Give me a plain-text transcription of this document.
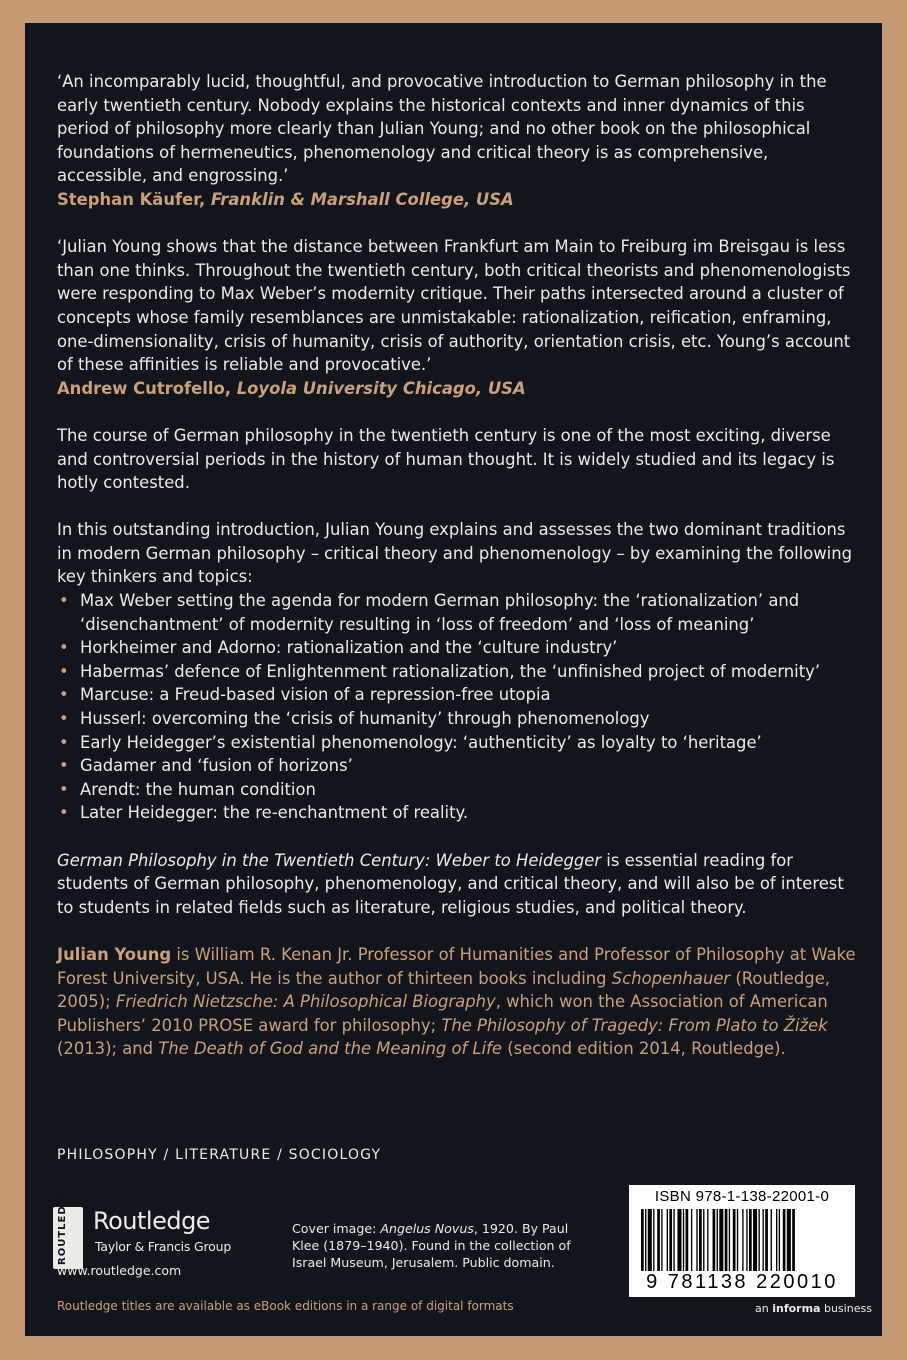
‘An incomparably lucid, thoughtful, and provocative introduction to German philosophy in the early twentieth century. Nobody explains the historical contexts and inner dynamics of this period of philosophy more clearly than Julian Young; and no other book on the philosophical foundations of hermeneutics, phenomenology and critical theory is as comprehensive, accessible, and engrossing.’
Stephan Käufer, Franklin & Marshall College, USA

‘Julian Young shows that the distance between Frankfurt am Main to Freiburg im Breisgau is less than one thinks. Throughout the twentieth century, both critical theorists and phenomenologists were responding to Max Weber’s modernity critique. Their paths intersected around a cluster of concepts whose family resemblances are unmistakable: rationalization, reification, enframing, one-dimensionality, crisis of humanity, crisis of authority, orientation crisis, etc. Young’s account of these affinities is reliable and provocative.’
Andrew Cutrofello, Loyola University Chicago, USA

The course of German philosophy in the twentieth century is one of the most exciting, diverse and controversial periods in the history of human thought. It is widely studied and its legacy is hotly contested.

In this outstanding introduction, Julian Young explains and assesses the two dominant traditions in modern German philosophy – critical theory and phenomenology – by examining the following key thinkers and topics:

• Max Weber setting the agenda for modern German philosophy: the ‘rationalization’ and ‘disenchantment’ of modernity resulting in ‘loss of freedom’ and ‘loss of meaning’
• Horkheimer and Adorno: rationalization and the ‘culture industry’
• Habermas’ defence of Enlightenment rationalization, the ‘unfinished project of modernity’
• Marcuse: a Freud-based vision of a repression-free utopia
• Husserl: overcoming the ‘crisis of humanity’ through phenomenology
• Early Heidegger’s existential phenomenology: ‘authenticity’ as loyalty to ‘heritage’
• Gadamer and ‘fusion of horizons’
• Arendt: the human condition
• Later Heidegger: the re-enchantment of reality.

German Philosophy in the Twentieth Century: Weber to Heidegger is essential reading for students of German philosophy, phenomenology, and critical theory, and will also be of interest to students in related fields such as literature, religious studies, and political theory.

Julian Young is William R. Kenan Jr. Professor of Humanities and Professor of Philosophy at Wake Forest University, USA. He is the author of thirteen books including Schopenhauer (Routledge, 2005); Friedrich Nietzsche: A Philosophical Biography, which won the Association of American Publishers’ 2010 PROSE award for philosophy; The Philosophy of Tragedy: From Plato to Žižek (2013); and The Death of God and the Meaning of Life (second edition 2014, Routledge).

PHILOSOPHY / LITERATURE / SOCIOLOGY
ROUTLEDGE	Routledge
Taylor & Francis Group
www.routledge.com
Cover image: Angelus Novus, 1920. By Paul Klee (1879–1940). Found in the collection of Israel Museum, Jerusalem. Public domain.
ISBN 978-1-138-22001-0
9 781138 220010
an informa business
Routledge titles are available as eBook editions in a range of digital formats
